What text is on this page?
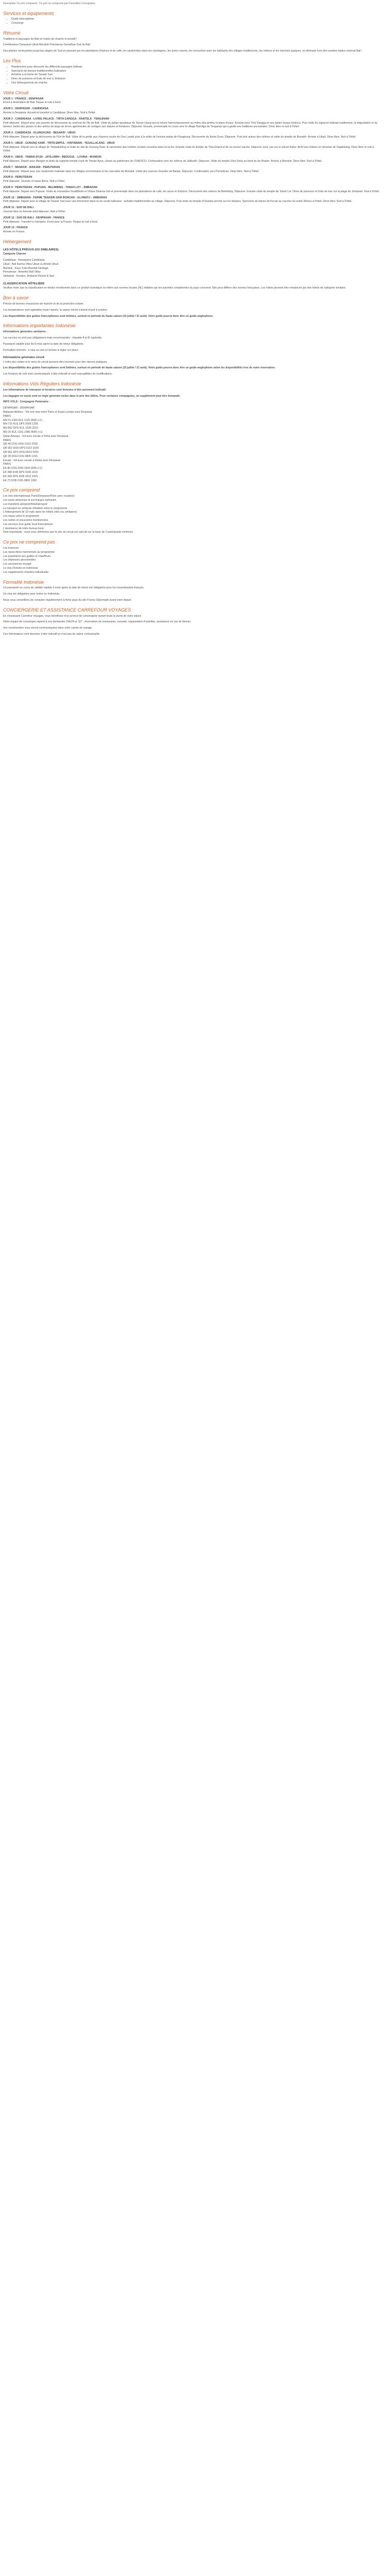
Description Ce prix comprend : Ce prix ne comprend pas Formalités Consignées

Services et équipements
• Guide francophone
• Concierge
Résumé

Traditions et paysages de Bali en hotels de charme et privatif !

Combinaison Denpasar-Ubud-Munduk-Pemuteran-Sanukhan Sud de Bali

Des plaines verdoyantes jusqu'aux plages de Sud en passant par les plantations d'épices et de café, les randonnées dans les montagnes, les lavers sacrés, les rencontres avec les habitants des villages traditionnels, les rivières et les marchés typiques, un itinéraire hors des sentiers battus nominal Bali !

Les Plus
• Randonnées pour découvrir les différents paysages balinais
• Spectacle de danses traditionnelles balinaises
• Activités à la ferme de Tanasir Sari
• Diner de poissons et fruits de mer à Jimbaran
• Des hébergements de charme
Votre Circuit
JOUR 1 : FRANCE - DENPASAR
Envol à destination de Bali. Repas et nuit à bord.
JOUR 2 : DENPASAR - CANDIDASA
Arrivée à Denpasar. Accueil et transfert à Candidasa. Diner libre. Nuit à l'hôtel.
JOUR 3 : CANDIDASA - LIVING PALACE - TIRTA GANGGA - RANTELA - TENGANAN
Petit déjeuner. Départ pour une journée de découverte au nord-est de l'île de Bali. Visite du palais aquatique de Taman Ujung qui se trouve harmonieusement au milieu des jardins et plans d'eaux. Ensuite pour Tirta Gangga et ses palais royaux hindous. Puis visite du vigneron balinais traditionnel, la dégustation et du fameux Jardin des gestes et des arbres de large de terres agrémentés de vestiges aux statues et fontaines. Déjeuner. Ensuite, promenade en cours vers le village Bali Aga de Tenganan qui a gardé ses traditions ancestrales. Diner libre et nuit à l'hôtel.
JOUR 4 : CANDIDASA - KLUNGKUNG - BESAKIH - UBUD
Petit déjeuner. Départ pour la découverte de l'Est de Bali. Visite de la grotte aux chauves-souris de Goa Lawah puis à la visite de l'ancien palais de Klungkung. Découverte du Kerta Gosa. Déjeuner. Puis trek autour des rizières et visite du temple de Besakih. Arrivée à Ubud. Diner libre. Nuit à l'hôtel.
JOUR 5 : UBUD - GUNUNG KAWI - TIRTA EMPUL - KINTAMANI - TEGALLALANG - UBUD
Petit déjeuner. Départ vers le village de Tampaksiring et visite du site de Gunung Kawi, le sanctuaire des tombes royales creusées dans la roche. Ensuite visite du temple de Tirta Empul et de sa source sacrée. Déjeuner avec vue sur le volcan Batur. Arrêt aux rizières en terrasse de Tegallalang. Diner libre et nuit à l'hôtel.
JOUR 6 : UBUD - TAMAN AYUN - JATILUWIH - BEDUGUL - LOVINA - MUNDUK
Petit déjeuner. Départ pour Mengwi et visite du superbe temple royal de Taman Ayun, classé au patrimoine de l'UNESCO. Continuation vers les rizières de Jatiluwih. Déjeuner. Visite du temple Ulun Danu au bord du lac Bratan. Arrivée à Munduk. Diner libre. Nuit à l'hôtel.
JOUR 7 : MUNDUK - BANJAR - PEMUTERAN
Petit déjeuner. Départ pour une randonnée matinale dans les villages environnants et les cascades de Munduk. Visite des sources chaudes de Banjar. Déjeuner. Continuation vers Pemuteran. Diner libre. Nuit à l'hôtel.
JOUR 8 : PEMUTERAN
Petit déjeuner. Journée et repas libres. Nuit à l'hôtel.
JOUR 9 : PEMUTERAN - PUPUAN - BELIMBING - TANAH LOT - JIMBARAN
Petit déjeuner. Départ vers Pupuan. Visite du monastère bouddhiste et Vihara Dharma Giri et promenade dans les plantations de café, de cacao et d'épices. Découverte des rizières de Belimbing. Déjeuner. Ensuite visite du temple de Tanah Lot. Diner de poissons et fruits de mer sur la plage de Jimbaran. Nuit à l'hôtel.
JOUR 10 : JIMBARAN - FERME TANASIR SARI BONGAN - ULUWATU - JIMBARAN
Petit déjeuner. Départ pour le village de Tanasir Sari pour une immersion dans la vie rurale balinaise : activités traditionnelles au village. Déjeuner. Puis visite du temple d'Uluwatu perché sur les falaises. Spectacle de danse de Kecak au coucher du soleil. Retour à l'hôtel. Diner libre. Nuit à l'hôtel.
JOUR 11 : SUD DE BALI
Journée libre en formule petit déjeuner. Nuit à l'hôtel.
JOUR 12 : SUD DE BALI - DENPASAR - FRANCE
Petit déjeuner. Transfert à l'aéroport. Envol pour la France. Repas et nuit à bord.
JOUR 13 : FRANCE
Arrivée en France.
Hébergement
LES HÔTELS PRÉVUS (OU SIMILAIRES):

Catégorie Charme

Candidasa : Ramayana Candidasa
Ubud : Bali Karma Villas Ubud ou Artotel Ubud
Munduk : Kayu Tulis Munduk Heritage
Pemuteran : Amertha Bali Villas
Jimbaran : Keraton Jimbaran Resort & Spa
CLASSIFICATION HÔTELIÈRE

Veuillez noter que la classification en étoiles mentionnée dans ce produit touristique se réfère aux normes locales (NL) établies par les autorités compétentes du pays concerné. Elle peut différer des normes françaises. Les hôtels peuvent être remplacés par des hôtels de catégorie similaire.

Bon à savoir

Prévoir de bonnes chaussures de marche et de la protection solaire.

Les températures sont agréables toute l'année, la saison sèche s'étend d'avril à octobre.

Les disponibilités des guides francophones sont limitées, surtout en période de haute saison (15 juillet / 31 août). Votre guide pourra donc être un guide anglophone.

Informations importantes Indonésie

Informations générales sanitaires :

Les vaccins ne sont pas obligatoires mais recommandés : hépatite A et B, typhoïde.

Passeport valable plus de 6 mois après la date de retour obligatoire.

Formalités d'entrée : e-visa ou visa à l'arrivée à régler sur place.

Informations générales circuit

L'ordre des visites et le sens du circuit peuvent être inversés pour des raisons pratiques.

Les disponibilités des guides francophones sont limitées, surtout en période de haute saison (15 juillet / 31 août). Votre guide pourra donc être un guide anglophone selon les disponibilités lors de votre réservation.

Les horaires de vols sont communiqués à titre indicatif et sont susceptibles de modifications.

Informations Vols Réguliers Indonésie

Les informations de transport et horaires sont données à titre purement indicatif.

Les bagages en soute sont en règle générale inclus dans le prix des billets. Pour certaines compagnies, un supplément peut être demandé.

INFO VOLS - Compagnie Partenaire :

DENPASAR - DENPASAR
Malaysia Airlines - Vol non-stop entre Paris et Kuala Lumpur puis Denpasar
PARIS
MH 21 CDG KUL 1125 0630 (+1)
MH 715 KUL DPS 0900 1205
MH 852 DPS KUL 1930 2220
MH 20 KUL CDG 2340 0645 (+1)
Qatar Airways - Vol avec escale à Doha pour Denpasar
PARIS
QR 40 CDG DOH 1515 2330
QR 962 DOH DPS 0210 1630
QR 961 DPS DOH 0010 0415
QR 39 DOH CDG 0805 1315
Escale : Vol avec escale à Dubaï pour Denpasar
PARIS
EK 80 CDG DXB 1520 0045 (+1)
EK 398 DXB DPS 0245 1615
EK 399 DPS DXB 1810 2325
EK 73 DXB CDG 0800 1300
Ce prix comprend
Les vols internationaux Paris/Denpasar/Paris avec escale(s)
Les taxes aériennes et surcharges carburant
Les transferts aéroport/hôtel/aéroport
Le transport en véhicule climatisé selon le programme
L'hébergement de 10 nuits dans les hôtels cités (ou similaires)
Les repas selon le programme
Les visites et excursions mentionnées
Les services d'un guide local francophone
L'assistance de notre bureau local

Note importante : nous vous informons que le prix du circuit est calculé sur la base de 2 participants minimum.

Ce prix ne comprend pas
Les boissons
Les repas libres mentionnés au programme
Les pourboires aux guides et chauffeurs
Les dépenses personnelles
Les assurances voyage
Le visa d'entrée en Indonésie
Les suppléments chambre individuelle
Formalité Indonésie

Un passeport en cours de validité valable 6 mois après la date de retour est obligatoire pour les ressortissants français.

Un visa est obligatoire pour entrer en Indonésie.

Nous vous conseillons de consulter régulièrement la fiche pays du site France Diplomatie avant votre départ.

CONCIERGERIE ET ASSISTANCE CARREFOUR VOYAGES

En choisissant Carrefour Voyages, vous bénéficiez d'un service de conciergerie durant toute la durée de votre séjour.

Notre équipe de concierges répond à vos demandes 24h/24 et 7j/7 : réservation de restaurants, conseils, organisation d'activités, assistance en cas de besoin.

Vos coordonnées vous seront communiquées dans votre carnet de voyage.

Ces informations sont données à titre indicatif et n'ont pas de valeur contractuelle.
